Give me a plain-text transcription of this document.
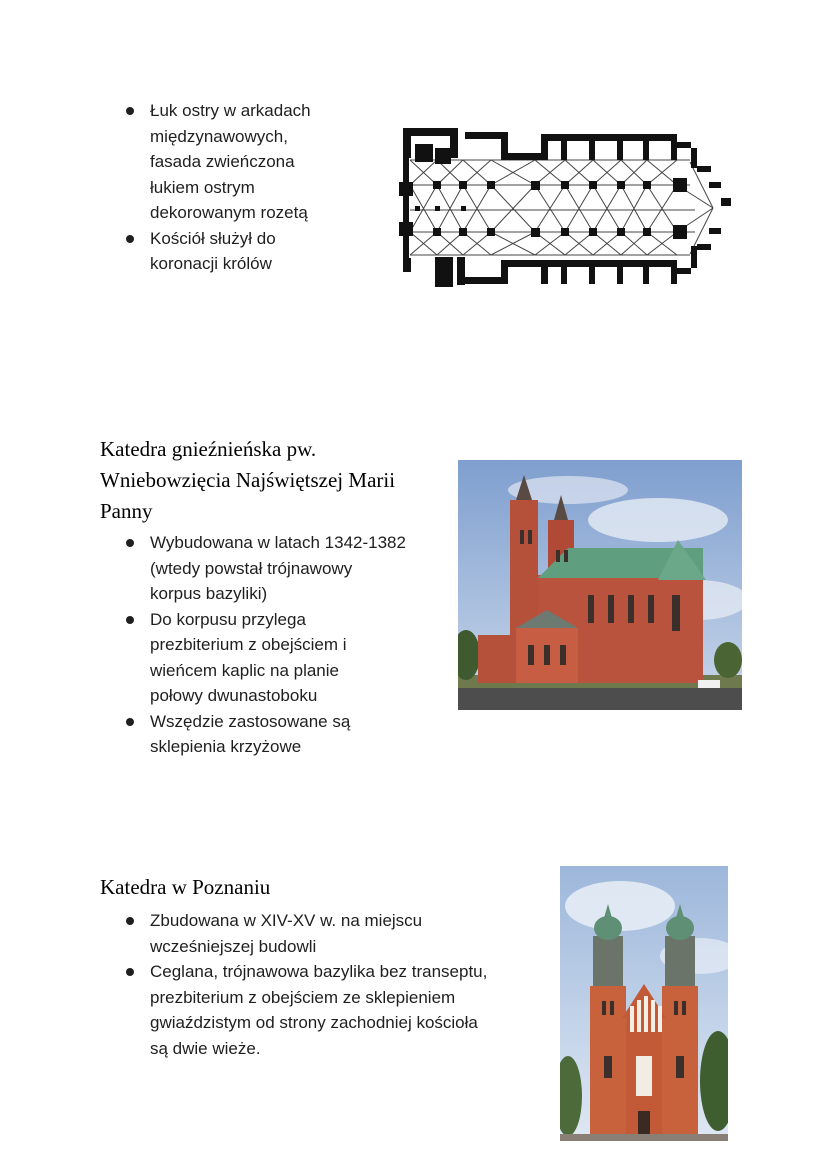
Łuk ostry w arkadach
międzynawowych,
fasada zwieńczona
łukiem ostrym
dekorowanym rozetą
Kościół służył do
koronacji królów
Katedra gnieźnieńska pw.
Wniebowzięcia Najświętszej Marii
Panny
Wybudowana w latach 1342-1382
(wtedy powstał trójnawowy
korpus bazyliki)
Do korpusu przylega
prezbiterium z obejściem i
wieńcem kaplic na planie
połowy dwunastoboku
Wszędzie zastosowane są
sklepienia krzyżowe
Katedra w Poznaniu
Zbudowana w XIV-XV w. na miejscu
wcześniejszej budowli
Ceglana, trójnawowa bazylika bez transeptu,
prezbiterium z obejściem ze sklepieniem
gwiaździstym od strony zachodniej kościoła
są dwie wieże.
